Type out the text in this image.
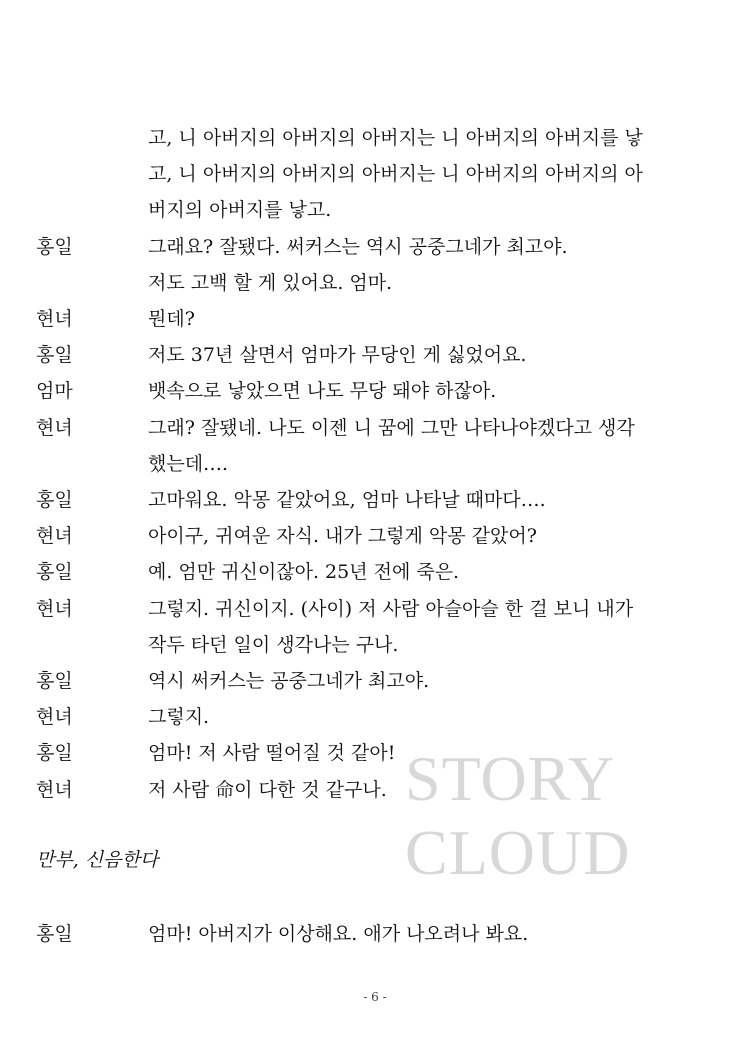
STORY
CLOUD
고, 니 아버지의 아버지의 아버지는 니 아버지의 아버지를 낳
고, 니 아버지의 아버지의 아버지는 니 아버지의 아버지의 아
버지의 아버지를 낳고.
홍일	그래요? 잘됐다. 써커스는 역시 공중그네가 최고야.
저도 고백 할 게 있어요. 엄마.
현녀	뭔데?
홍일	저도 37년 살면서 엄마가 무당인 게 싫었어요.
엄마	뱃속으로 낳았으면 나도 무당 돼야 하잖아.
현녀	그래? 잘됐네. 나도 이젠 니 꿈에 그만 나타나야겠다고 생각
했는데….
홍일	고마워요. 악몽 같았어요, 엄마 나타날 때마다….
현녀	아이구, 귀여운 자식. 내가 그렇게 악몽 같았어?
홍일	예. 엄만 귀신이잖아. 25년 전에 죽은.
현녀	그렇지. 귀신이지. (사이) 저 사람 아슬아슬 한 걸 보니 내가
작두 타던 일이 생각나는 구나.
홍일	역시 써커스는 공중그네가 최고야.
현녀	그렇지.
홍일	엄마! 저 사람 떨어질 것 같아!
현녀	저 사람 命이 다한 것 같구나.
만부, 신음한다
홍일	엄마! 아버지가 이상해요. 애가 나오려나 봐요.
- 6 -
